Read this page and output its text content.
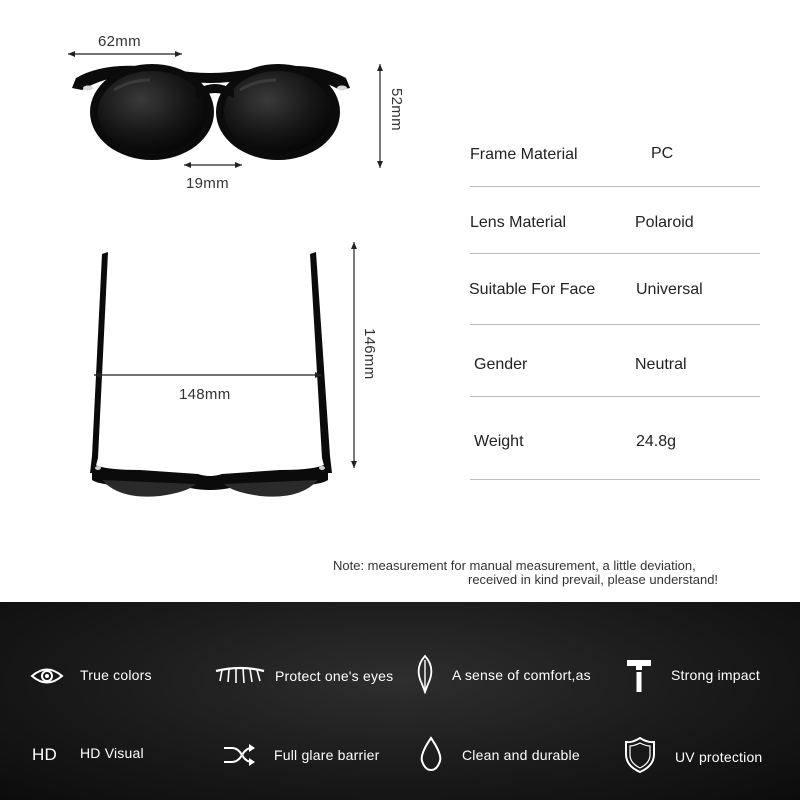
62mm
19mm
52mm
148mm
146mm
Frame Material	PC
Lens Material	Polaroid
Suitable For Face	Universal
Gender	Neutral
Weight	24.8g
Note: measurement for manual measurement, a little deviation,
received in kind prevail, please understand!
True colors	Protect one's eyes	A sense of comfort,as	Strong impact
HD HD Visual	Full glare barrier	Clean and durable	UV protection
